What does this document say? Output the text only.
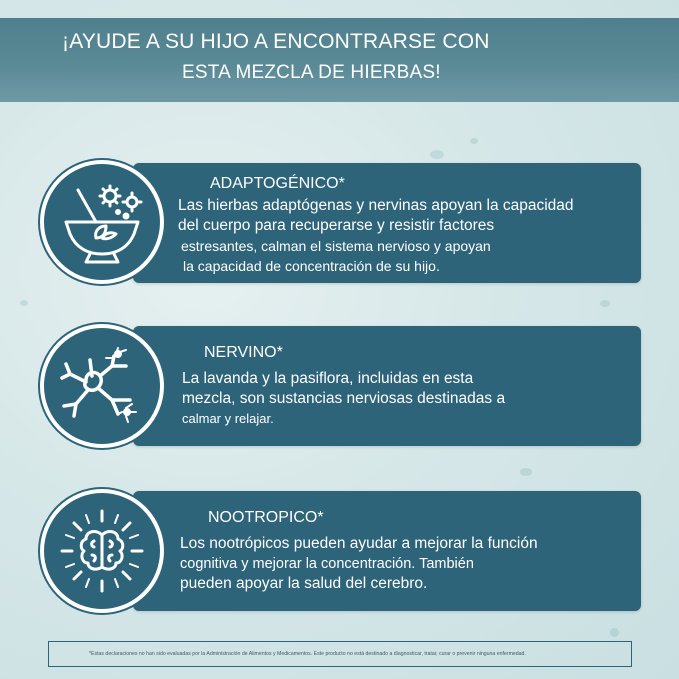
¡AYUDE A SU HIJO A ENCONTRARSE CON
ESTA MEZCLA DE HIERBAS!
ADAPTOGÉNICO*
Las hierbas adaptógenas y nervinas apoyan la capacidad
del cuerpo para recuperarse y resistir factores
estresantes, calman el sistema nervioso y apoyan
la capacidad de concentración de su hijo.
NERVINO*
La lavanda y la pasiflora, incluidas en esta
mezcla, son sustancias nerviosas destinadas a
calmar y relajar.
NOOTROPICO*
Los nootrópicos pueden ayudar a mejorar la función
cognitiva y mejorar la concentración. También
pueden apoyar la salud del cerebro.
*Estas declaraciones no han sido evaluadas por la Administración de Alimentos y Medicamentos. Este producto no está destinado a diagnosticar, tratar, curar o prevenir ninguna enfermedad.
